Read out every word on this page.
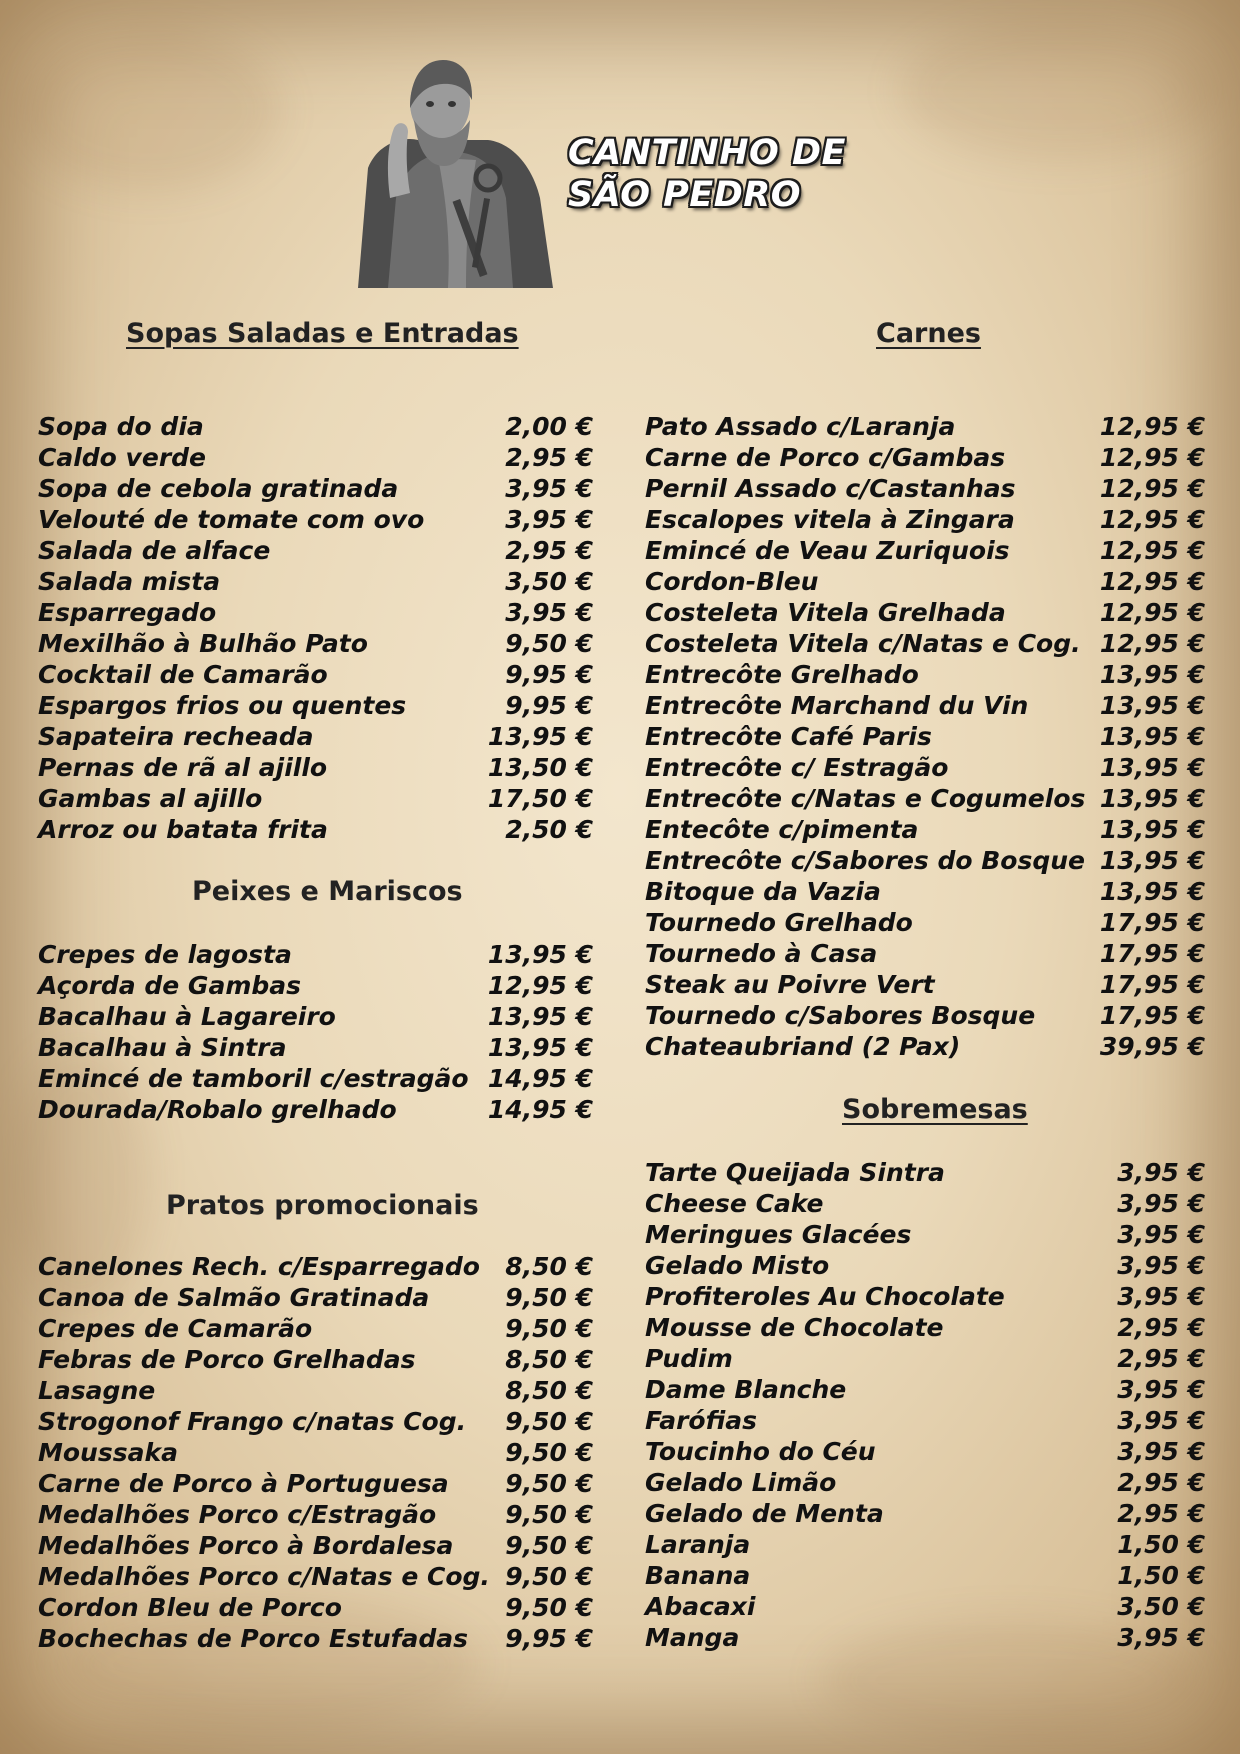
CANTINHO DE
SÃO PEDRO
Sopas Saladas e Entradas	Carnes
Peixes e Mariscos
Pratos promocionais
Sobremesas
Sopa do dia	2,00 €
Caldo verde	2,95 €
Sopa de cebola gratinada	3,95 €
Velouté de tomate com ovo	3,95 €
Salada de alface	2,95 €
Salada mista	3,50 €
Esparregado	3,95 €
Mexilhão à Bulhão Pato	9,50 €
Cocktail de Camarão	9,95 €
Espargos frios ou quentes	9,95 €
Sapateira recheada	13,95 €
Pernas de rã al ajillo	13,50 €
Gambas al ajillo	17,50 €
Arroz ou batata frita	2,50 €
Crepes de lagosta	13,95 €
Açorda de Gambas	12,95 €
Bacalhau à Lagareiro	13,95 €
Bacalhau à Sintra	13,95 €
Emincé de tamboril c/estragão 14,95 €
Dourada/Robalo grelhado	14,95 €
Canelones Rech. c/Esparregado 8,50 €
Canoa de Salmão Gratinada	9,50 €
Crepes de Camarão	9,50 €
Febras de Porco Grelhadas	8,50 €
Lasagne	8,50 €
Strogonof Frango c/natas Cog. 9,50 €
Moussaka	9,50 €
Carne de Porco à Portuguesa 9,50 €
Medalhões Porco c/Estragão	9,50 €
Medalhões Porco à Bordalesa 9,50 €
Medalhões Porco c/Natas e Cog. 9,50 €
Cordon Bleu de Porco	9,50 €
Bochechas de Porco Estufadas 9,95 €
Pato Assado c/Laranja	12,95 €
Carne de Porco c/Gambas	12,95 €
Pernil Assado c/Castanhas	12,95 €
Escalopes vitela à Zingara	12,95 €
Emincé de Veau Zuriquois	12,95 €
Cordon-Bleu	12,95 €
Costeleta Vitela Grelhada	12,95 €
Costeleta Vitela c/Natas e Cog. 12,95 €
Entrecôte Grelhado	13,95 €
Entrecôte Marchand du Vin	13,95 €
Entrecôte Café Paris	13,95 €
Entrecôte c/ Estragão	13,95 €
Entrecôte c/Natas e Cogumelos 13,95 €
Entecôte c/pimenta	13,95 €
Entrecôte c/Sabores do Bosque 13,95 €
Bitoque da Vazia	13,95 €
Tournedo Grelhado	17,95 €
Tournedo à Casa	17,95 €
Steak au Poivre Vert	17,95 €
Tournedo c/Sabores Bosque	17,95 €
Chateaubriand (2 Pax)	39,95 €
Tarte Queijada Sintra	3,95 €
Cheese Cake	3,95 €
Meringues Glacées	3,95 €
Gelado Misto	3,95 €
Profiteroles Au Chocolate	3,95 €
Mousse de Chocolate	2,95 €
Pudim	2,95 €
Dame Blanche	3,95 €
Farófias	3,95 €
Toucinho do Céu	3,95 €
Gelado Limão	2,95 €
Gelado de Menta	2,95 €
Laranja	1,50 €
Banana	1,50 €
Abacaxi	3,50 €
Manga	3,95 €
